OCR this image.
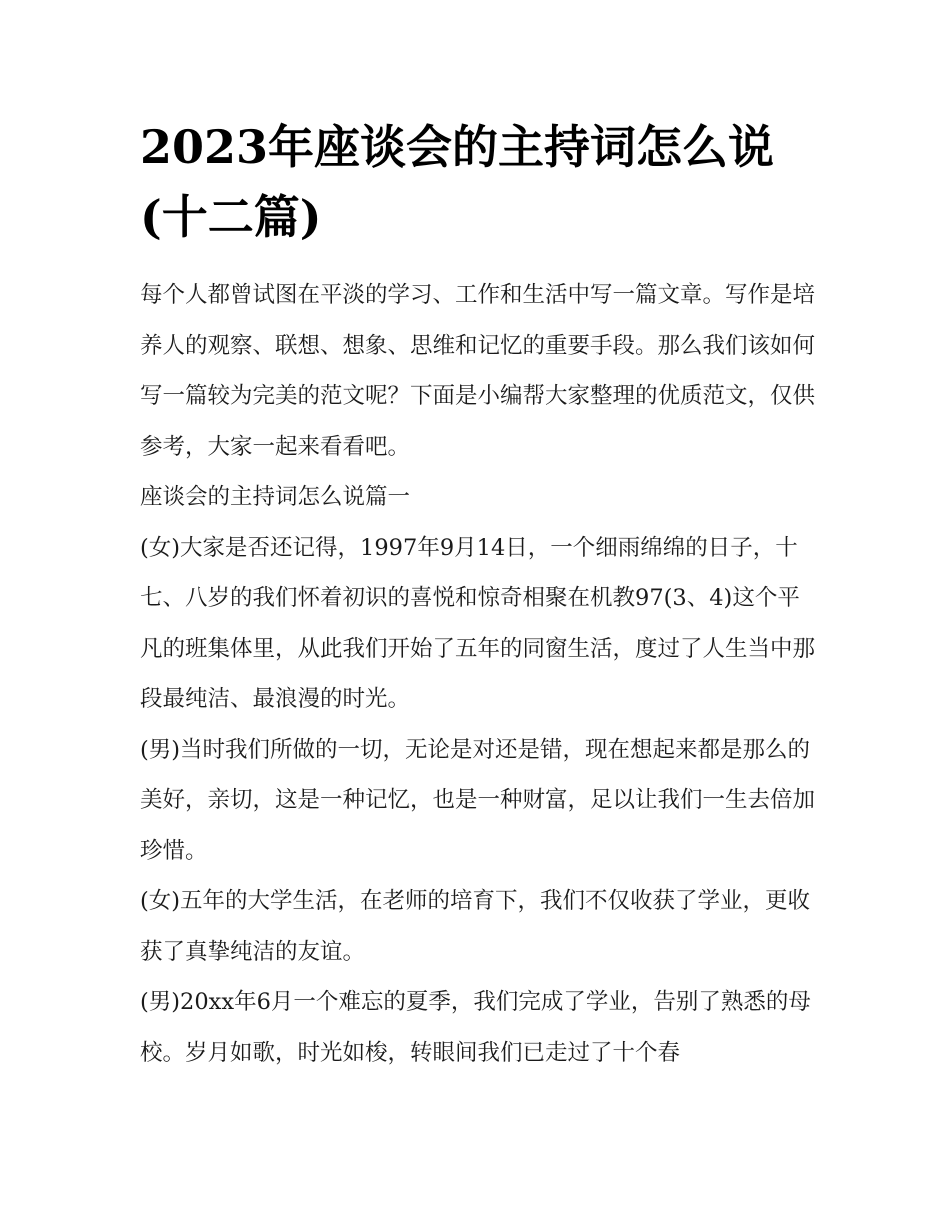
2023年座谈会的主持词怎么说(十二篇)

每个人都曾试图在平淡的学习、工作和生活中写一篇文章。写作是培养人的观察、联想、想象、思维和记忆的重要手段。那么我们该如何写一篇较为完美的范文呢？下面是小编帮大家整理的优质范文，仅供参考，大家一起来看看吧。

座谈会的主持词怎么说篇一

(女)大家是否还记得，1997年9月14日，一个细雨绵绵的日子，十七、八岁的我们怀着初识的喜悦和惊奇相聚在机教97(3、4)这个平凡的班集体里，从此我们开始了五年的同窗生活，度过了人生当中那段最纯洁、最浪漫的时光。

(男)当时我们所做的一切，无论是对还是错，现在想起来都是那么的美好，亲切，这是一种记忆，也是一种财富，足以让我们一生去倍加珍惜。

(女)五年的大学生活，在老师的培育下，我们不仅收获了学业，更收获了真挚纯洁的友谊。

(男)20xx年6月一个难忘的夏季，我们完成了学业，告别了熟悉的母校。岁月如歌，时光如梭，转眼间我们已走过了十个春
